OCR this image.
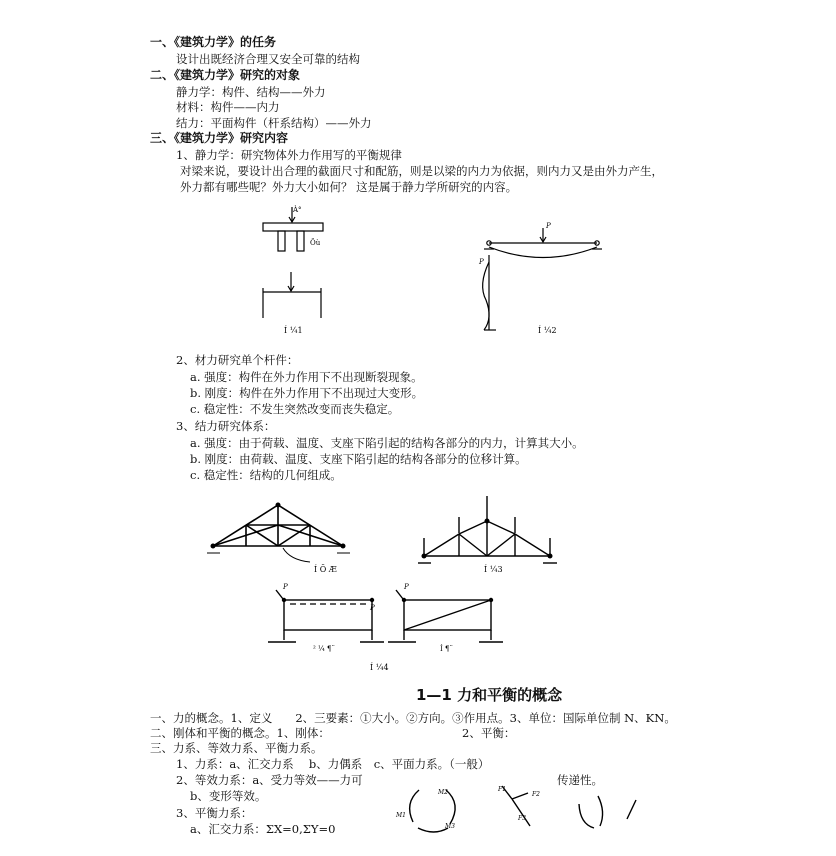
一、《建筑力学》的任务
设计出既经济合理又安全可靠的结构
二、《建筑力学》研究的对象
静力学：构件、结构——外力
材料：构件——内力
结力：平面构件（杆系结构）——外力
三、《建筑力学》研究内容
1、静力学：研究物体外力作用写的平衡规律
对梁来说，要设计出合理的截面尺寸和配筋，则是以梁的内力为依据，则内力又是由外力产生，
外力都有哪些呢？外力大小如何？ 这是属于静力学所研究的内容。
À°
Öù
P
P
Í ¼1	Í ¼2
2、材力研究单个杆件：
a. 强度：构件在外力作用下不出现断裂现象。
b. 刚度：构件在外力作用下不出现过大变形。
c. 稳定性：不发生突然改变而丧失稳定。
3、结力研究体系：
a. 强度：由于荷载、温度、支座下陷引起的结构各部分的内力，计算其大小。
b. 刚度：由荷载、温度、支座下陷引起的结构各部分的位移计算。
c. 稳定性：结构的几何组成。
P
P
P
Í Ö Æ	Í ¼3
² ¼ ¶¨	Í ¶¨
Í ¼4
1—1 力和平衡的概念
一、力的概念。1、定义　　2、三要素：①大小。②方向。③作用点。3、单位：国际单位制 N、KN。
二、刚体和平衡的概念。1、刚体：	2、平衡：
三、力系、等效力系、平衡力系。
1、力系：a、汇交力系　 b、力偶系　c、平面力系。（一般）
2、等效力系：a、受力等效——力可	传递性。
b、变形等效。
3、平衡力系：
a、汇交力系：ΣX=0,ΣY=0
M2
M1
M3
F1
F2
F3
